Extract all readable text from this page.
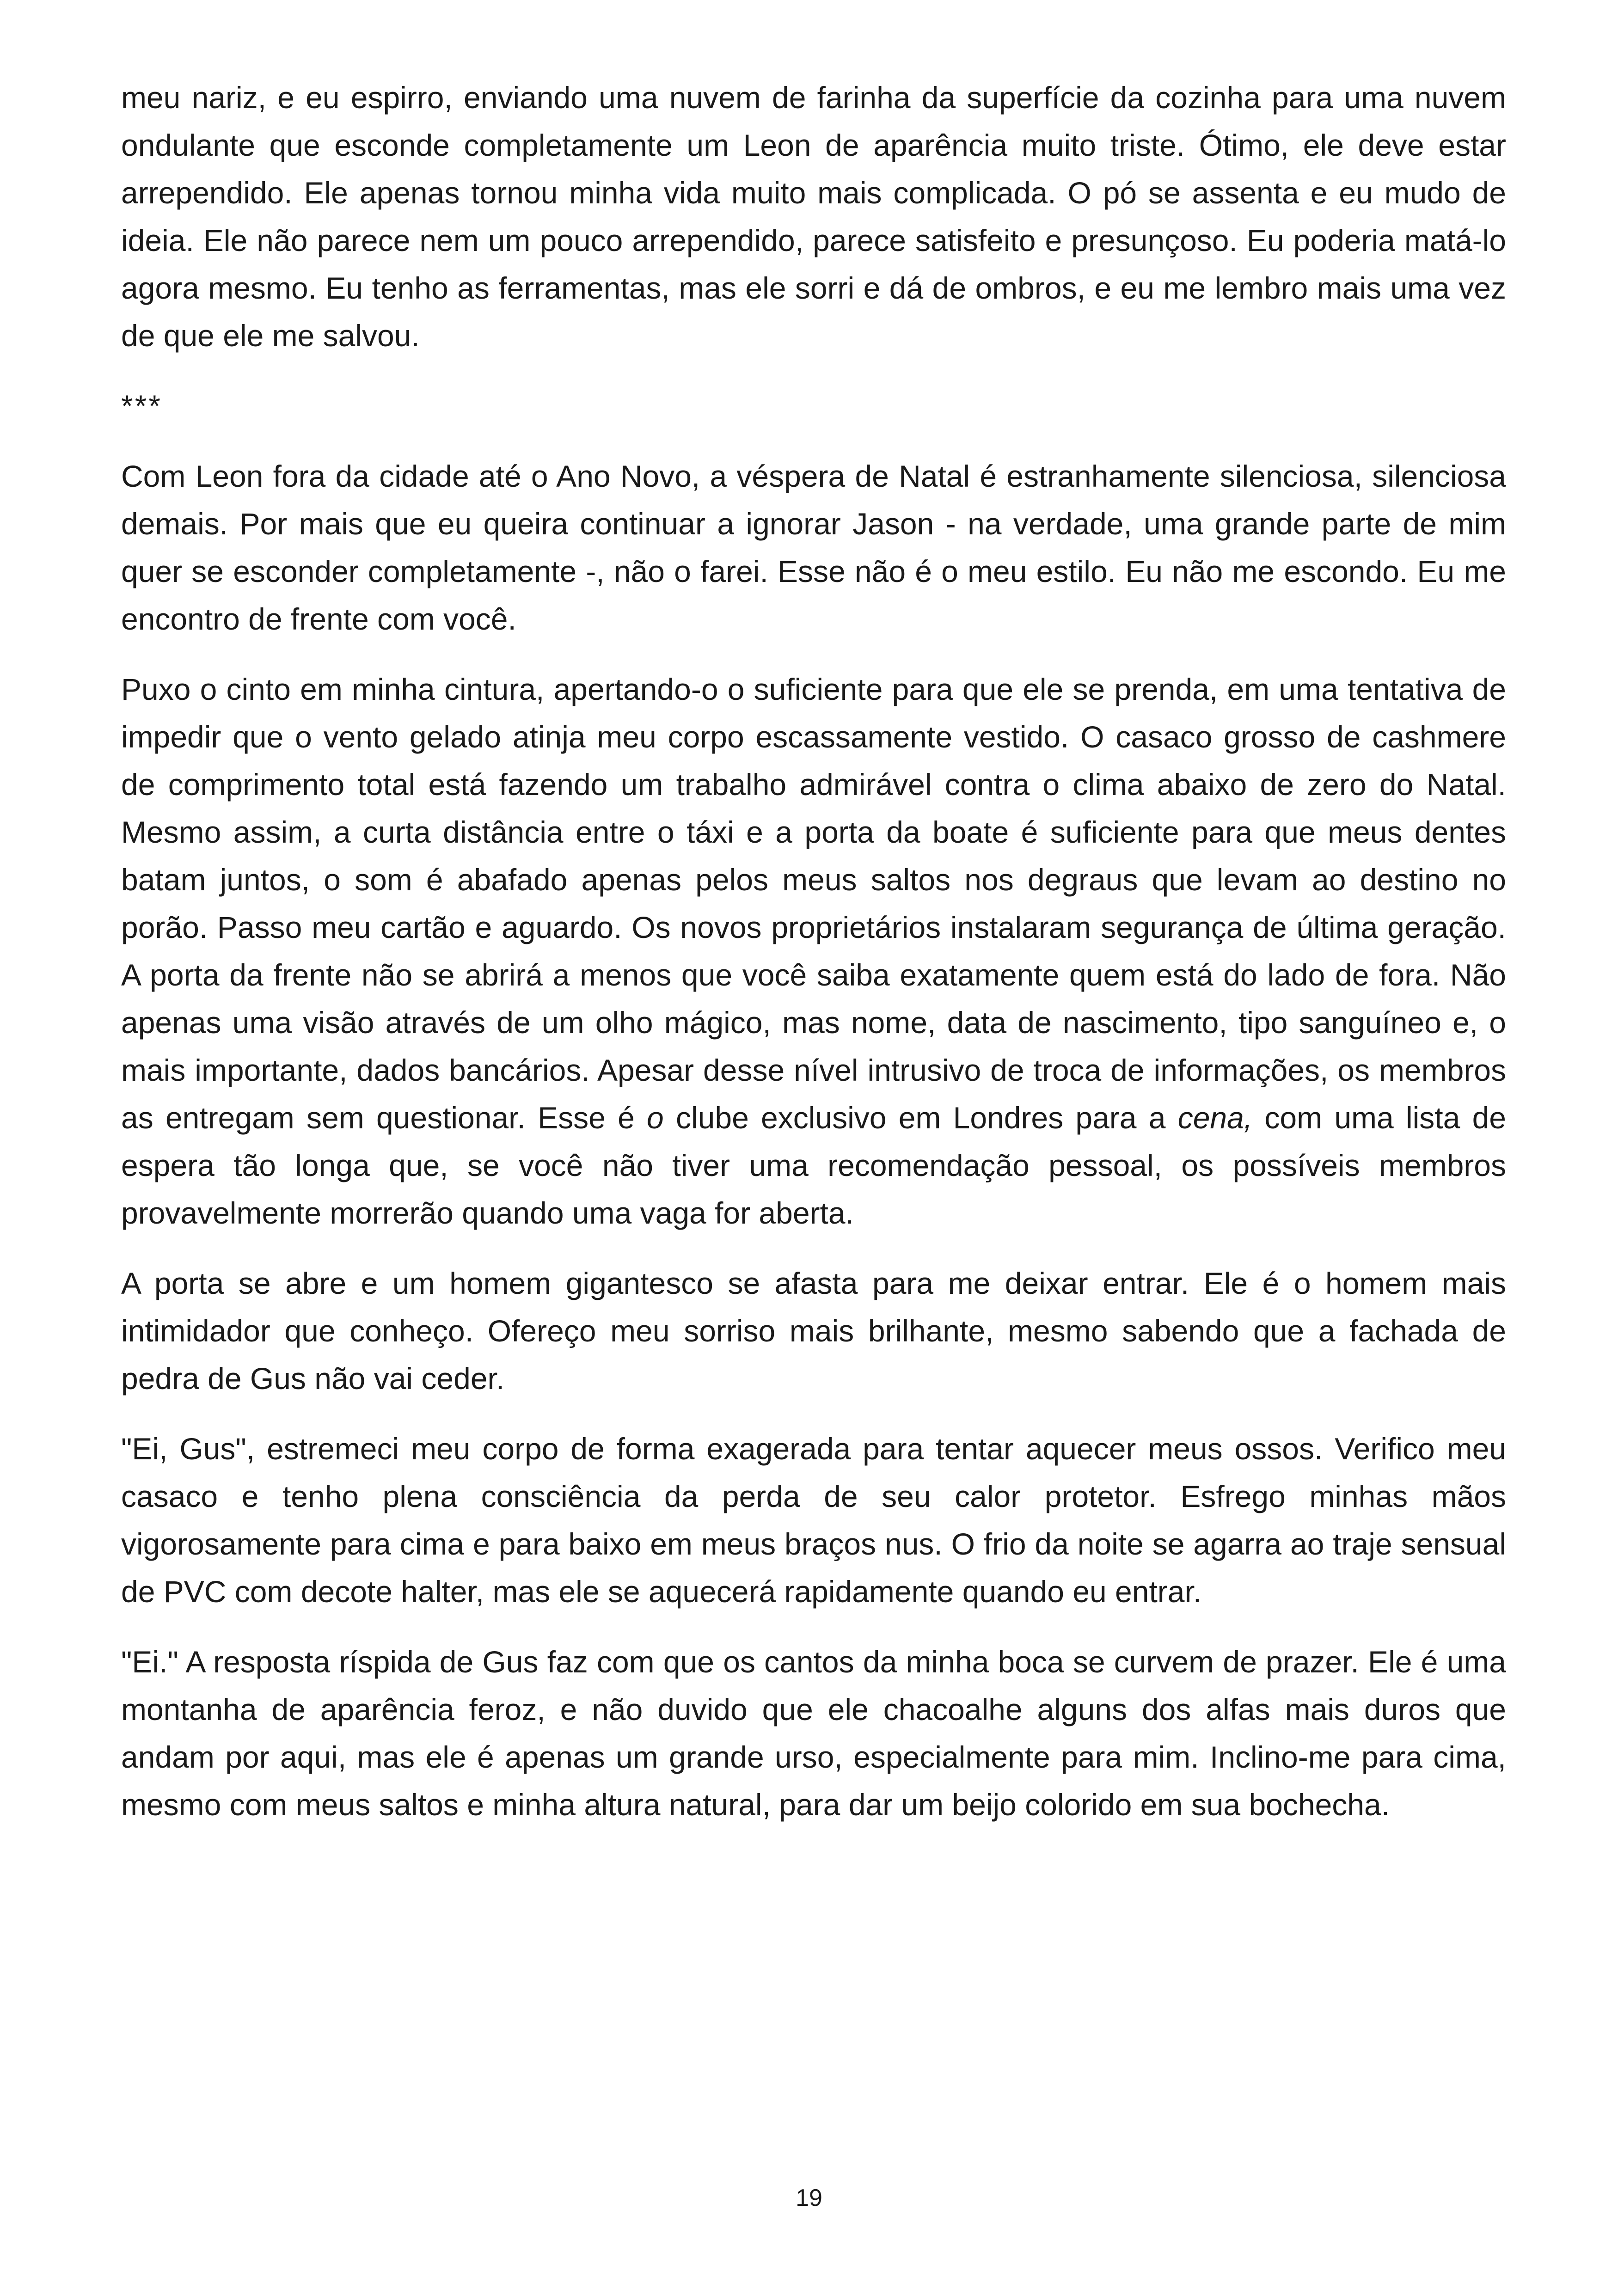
meu nariz, e eu espirro, enviando uma nuvem de farinha da superfície da cozinha para uma nuvem ondulante que esconde completamente um Leon de aparência muito triste. Ótimo, ele deve estar arrependido. Ele apenas tornou minha vida muito mais complicada. O pó se assenta e eu mudo de ideia. Ele não parece nem um pouco arrependido, parece satisfeito e presunçoso. Eu poderia matá-lo agora mesmo. Eu tenho as ferramentas, mas ele sorri e dá de ombros, e eu me lembro mais uma vez de que ele me salvou.

***

Com Leon fora da cidade até o Ano Novo, a véspera de Natal é estranhamente silenciosa, silenciosa demais. Por mais que eu queira continuar a ignorar Jason - na verdade, uma grande parte de mim quer se esconder completamente -, não o farei. Esse não é o meu estilo. Eu não me escondo. Eu me encontro de frente com você.

Puxo o cinto em minha cintura, apertando-o o suficiente para que ele se prenda, em uma tentativa de impedir que o vento gelado atinja meu corpo escassamente vestido. O casaco grosso de cashmere de comprimento total está fazendo um trabalho admirável contra o clima abaixo de zero do Natal. Mesmo assim, a curta distância entre o táxi e a porta da boate é suficiente para que meus dentes batam juntos, o som é abafado apenas pelos meus saltos nos degraus que levam ao destino no porão. Passo meu cartão e aguardo. Os novos proprietários instalaram segurança de última geração. A porta da frente não se abrirá a menos que você saiba exatamente quem está do lado de fora. Não apenas uma visão através de um olho mágico, mas nome, data de nascimento, tipo sanguíneo e, o mais importante, dados bancários. Apesar desse nível intrusivo de troca de informações, os membros as entregam sem questionar. Esse é o clube exclusivo em Londres para a cena, com uma lista de espera tão longa que, se você não tiver uma recomendação pessoal, os possíveis membros provavelmente morrerão quando uma vaga for aberta.

A porta se abre e um homem gigantesco se afasta para me deixar entrar. Ele é o homem mais intimidador que conheço. Ofereço meu sorriso mais brilhante, mesmo sabendo que a fachada de pedra de Gus não vai ceder.

"Ei, Gus", estremeci meu corpo de forma exagerada para tentar aquecer meus ossos. Verifico meu casaco e tenho plena consciência da perda de seu calor protetor. Esfrego minhas mãos vigorosamente para cima e para baixo em meus braços nus. O frio da noite se agarra ao traje sensual de PVC com decote halter, mas ele se aquecerá rapidamente quando eu entrar.

"Ei." A resposta ríspida de Gus faz com que os cantos da minha boca se curvem de prazer. Ele é uma montanha de aparência feroz, e não duvido que ele chacoalhe alguns dos alfas mais duros que andam por aqui, mas ele é apenas um grande urso, especialmente para mim. Inclino-me para cima, mesmo com meus saltos e minha altura natural, para dar um beijo colorido em sua bochecha.

19
